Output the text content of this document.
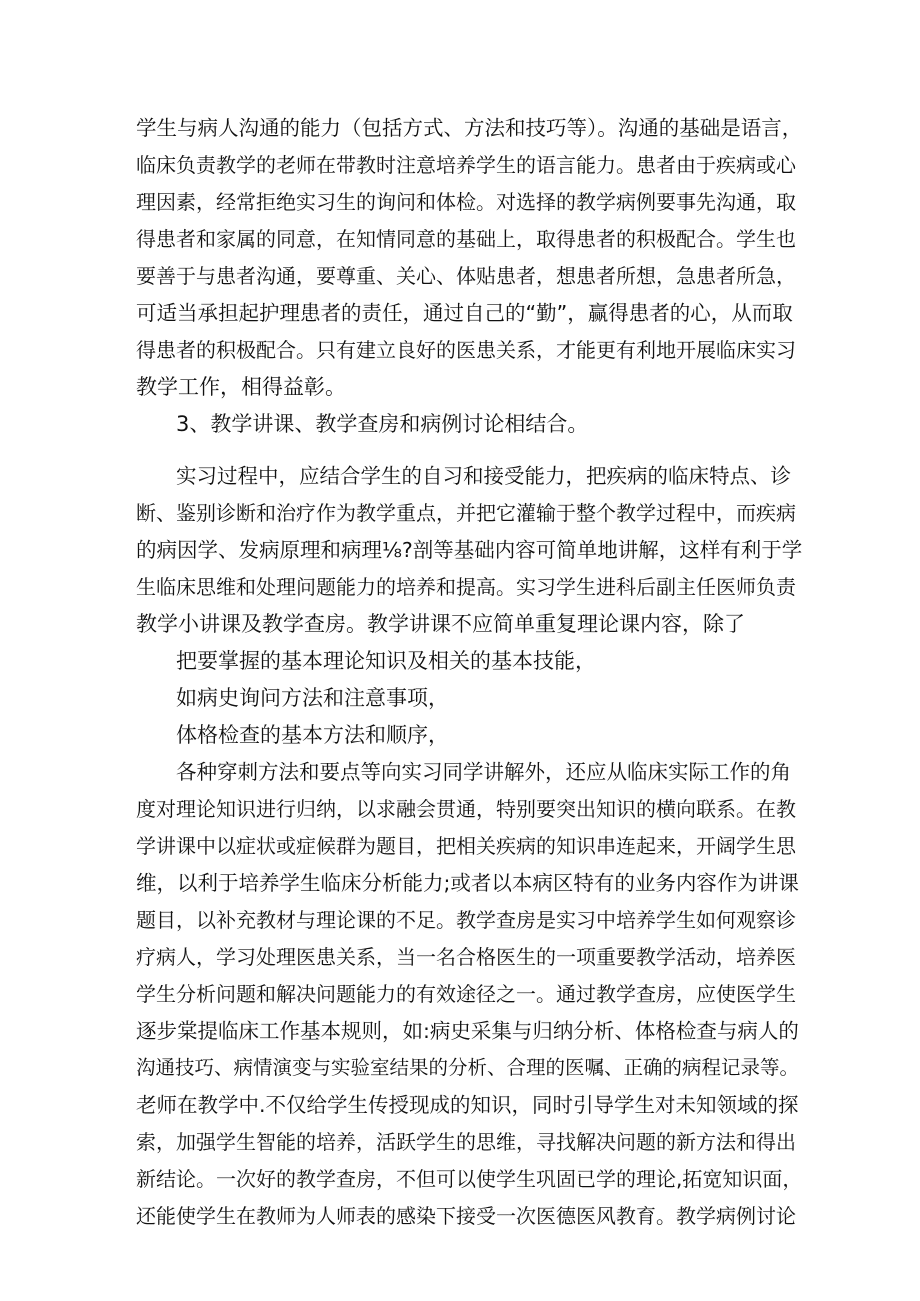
学生与病人沟通的能力（包括方式、方法和技巧等）。沟通的基础是语言，
临床负责教学的老师在带教时注意培养学生的语言能力。患者由于疾病或心
理因素，经常拒绝实习生的询问和体检。对选择的教学病例要事先沟通，取
得患者和家属的同意，在知情同意的基础上，取得患者的积极配合。学生也
要善于与患者沟通，要尊重、关心、体贴患者，想患者所想，急患者所急，
可适当承担起护理患者的责任，通过自己的“勤”，赢得患者的心，从而取
得患者的积极配合。只有建立良好的医患关系，才能更有利地开展临床实习
教学工作，相得益彰。
3、教学讲课、教学查房和病例讨论相结合。
实习过程中，应结合学生的自习和接受能力，把疾病的临床特点、诊
断、鉴别诊断和治疗作为教学重点，并把它灌输于整个教学过程中，而疾病
的病因学、发病原理和病理⅛?剖等基础内容可简单地讲解，这样有利于学
生临床思维和处理问题能力的培养和提高。实习学生进科后副主任医师负责
教学小讲课及教学查房。教学讲课不应简单重复理论课内容，除了
把要掌握的基本理论知识及相关的基本技能，
如病史询问方法和注意事项，
体格检查的基本方法和顺序，
各种穿刺方法和要点等向实习同学讲解外，还应从临床实际工作的角
度对理论知识进行归纳，以求融会贯通，特别要突出知识的横向联系。在教
学讲课中以症状或症候群为题目，把相关疾病的知识串连起来，开阔学生思
维，以利于培养学生临床分析能力;或者以本病区特有的业务内容作为讲课
题目，以补充教材与理论课的不足。教学查房是实习中培养学生如何观察诊
疗病人，学习处理医患关系，当一名合格医生的一项重要教学活动，培养医
学生分析问题和解决问题能力的有效途径之一。通过教学查房，应使医学生
逐步棠提临床工作基本规则，如:病史采集与归纳分析、体格检查与病人的
沟通技巧、病情演变与实验室结果的分析、合理的医嘱、正确的病程记录等。
老师在教学中.不仅给学生传授现成的知识，同时引导学生对未知领域的探
索，加强学生智能的培养，活跃学生的思维，寻找解决问题的新方法和得出
新结论。一次好的教学查房，不但可以使学生巩固已学的理论,拓宽知识面，
还能使学生在教师为人师表的感染下接受一次医德医风教育。教学病例讨论
